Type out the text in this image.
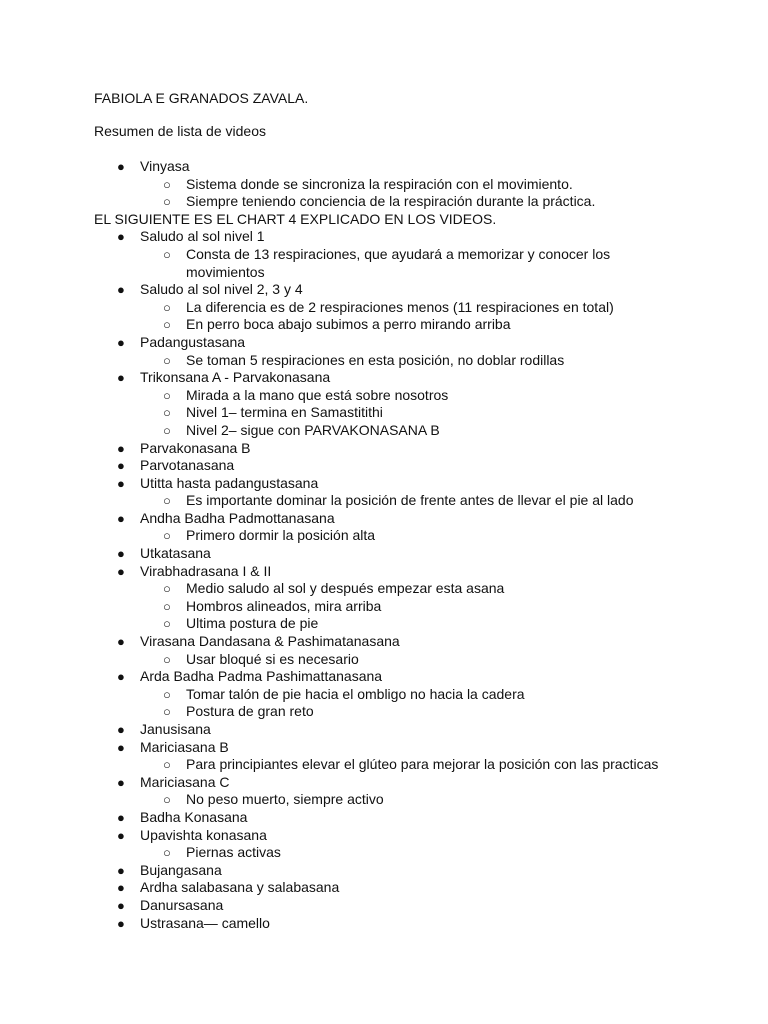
FABIOLA E GRANADOS ZAVALA.
Resumen de lista de videos
● Vinyasa
○ Sistema donde se sincroniza la respiración con el movimiento.
○ Siempre teniendo conciencia de la respiración durante la práctica.
EL SIGUIENTE ES EL CHART 4 EXPLICADO EN LOS VIDEOS.
● Saludo al sol nivel 1
○ Consta de 13 respiraciones, que ayudará a memorizar y conocer los movimientos
● Saludo al sol nivel 2, 3 y 4
○ La diferencia es de 2 respiraciones menos (11 respiraciones en total)
○ En perro boca abajo subimos a perro mirando arriba
● Padangustasana
○ Se toman 5 respiraciones en esta posición, no doblar rodillas
● Trikonsana A - Parvakonasana
○ Mirada a la mano que está sobre nosotros
○ Nivel 1– termina en Samastitithi
○ Nivel 2– sigue con PARVAKONASANA B
● Parvakonasana B
● Parvotanasana
● Utitta hasta padangustasana
○ Es importante dominar la posición de frente antes de llevar el pie al lado
● Andha Badha Padmottanasana
○ Primero dormir la posición alta
● Utkatasana
● Virabhadrasana I & II
○ Medio saludo al sol y después empezar esta asana
○ Hombros alineados, mira arriba
○ Ultima postura de pie
● Virasana Dandasana & Pashimatanasana
○ Usar bloqué si es necesario
● Arda Badha Padma Pashimattanasana
○ Tomar talón de pie hacia el ombligo no hacia la cadera
○ Postura de gran reto
● Janusisana
● Mariciasana B
○ Para principiantes elevar el glúteo para mejorar la posición con las practicas
● Mariciasana C
○ No peso muerto, siempre activo
● Badha Konasana
● Upavishta konasana
○ Piernas activas
● Bujangasana
● Ardha salabasana y salabasana
● Danursasana
● Ustrasana— camello
